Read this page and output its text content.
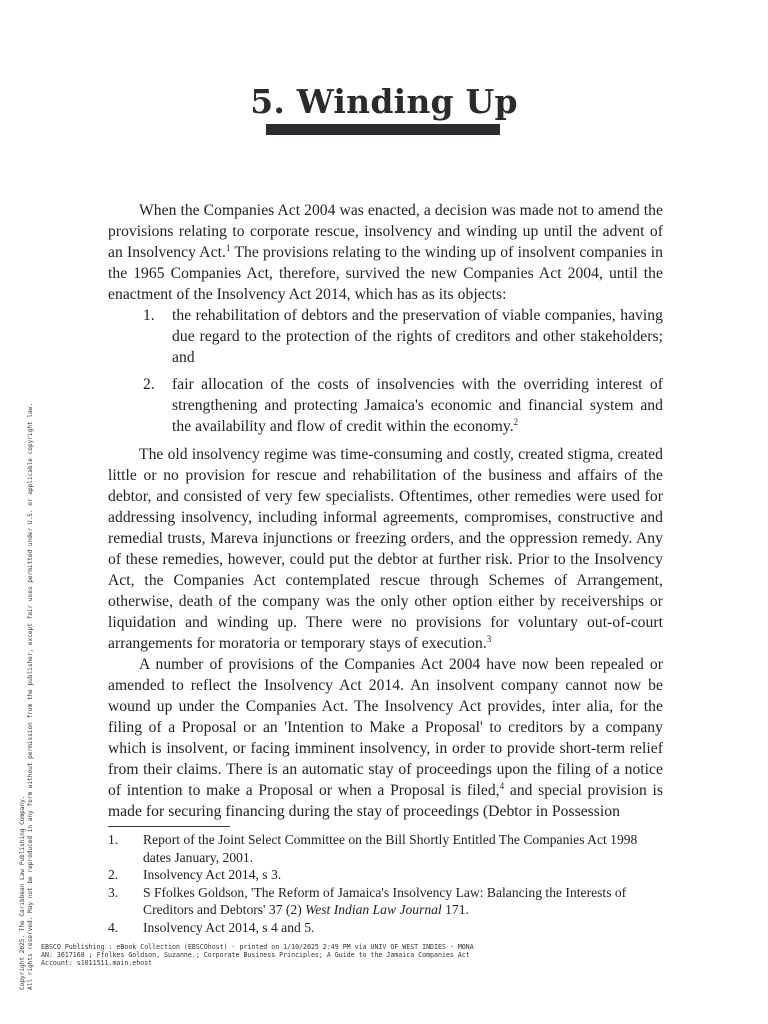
5. Winding Up

When the Companies Act 2004 was enacted, a decision was made not to amend the provisions relating to corporate rescue, insolvency and winding up until the advent of an Insolvency Act.$^1$ The provisions relating to the winding up of insolvent companies in the 1965 Companies Act, therefore, survived the new Companies Act 2004, until the enactment of the Insolvency Act 2014, which has as its objects:

1. the rehabilitation of debtors and the preservation of viable companies, having due regard to the protection of the rights of creditors and other stakeholders; and
2. fair allocation of the costs of insolvencies with the overriding interest of strengthening and protecting Jamaica's economic and financial system and the availability and flow of credit within the economy.$^2$

The old insolvency regime was time-consuming and costly, created stigma, created little or no provision for rescue and rehabilitation of the business and affairs of the debtor, and consisted of very few specialists. Oftentimes, other remedies were used for addressing insolvency, including informal agreements, compromises, constructive and remedial trusts, Mareva injunctions or freezing orders, and the oppression remedy. Any of these remedies, however, could put the debtor at further risk. Prior to the Insolvency Act, the Companies Act contemplated rescue through Schemes of Arrangement, otherwise, death of the company was the only other option either by receiverships or liquidation and winding up. There were no provisions for voluntary out-of-court arrangements for moratoria or temporary stays of execution.$^3$

A number of provisions of the Companies Act 2004 have now been repealed or amended to reflect the Insolvency Act 2014. An insolvent company cannot now be wound up under the Companies Act. The Insolvency Act provides, inter alia, for the filing of a Proposal or an 'Intention to Make a Proposal' to creditors by a company which is insolvent, or facing imminent insolvency, in order to provide short-term relief from their claims. There is an automatic stay of proceedings upon the filing of a notice of intention to make a Proposal or when a Proposal is filed,$^4$ and special provision is made for securing financing during the stay of proceedings (Debtor in Possession

1. Report of the Joint Select Committee on the Bill Shortly Entitled The Companies Act 1998 dates January, 2001.
2. Insolvency Act 2014, s 3.
3. S Ffolkes Goldson, 'The Reform of Jamaica's Insolvency Law: Balancing the Interests of Creditors and Debtors' 37 (2) West Indian Law Journal 171.
4. Insolvency Act 2014, s 4 and 5.
Copyright 2025. The Caribbean Law Publishing Company. All rights reserved. May not be reproduced in any form without permission from the publisher, except fair uses permitted under U.S. or applicable copyright law. EBSCO Publishing : eBook Collection (EBSCOhost) - printed on 1/10/2025 2:49 PM via UNIV OF WEST INDIES - MONA
AN: 3617168 ; Ffolkes Goldson, Suzanne.; Corporate Business Principles; A Guide to the Jamaica Companies Act
Account: s1011511.main.ehost
